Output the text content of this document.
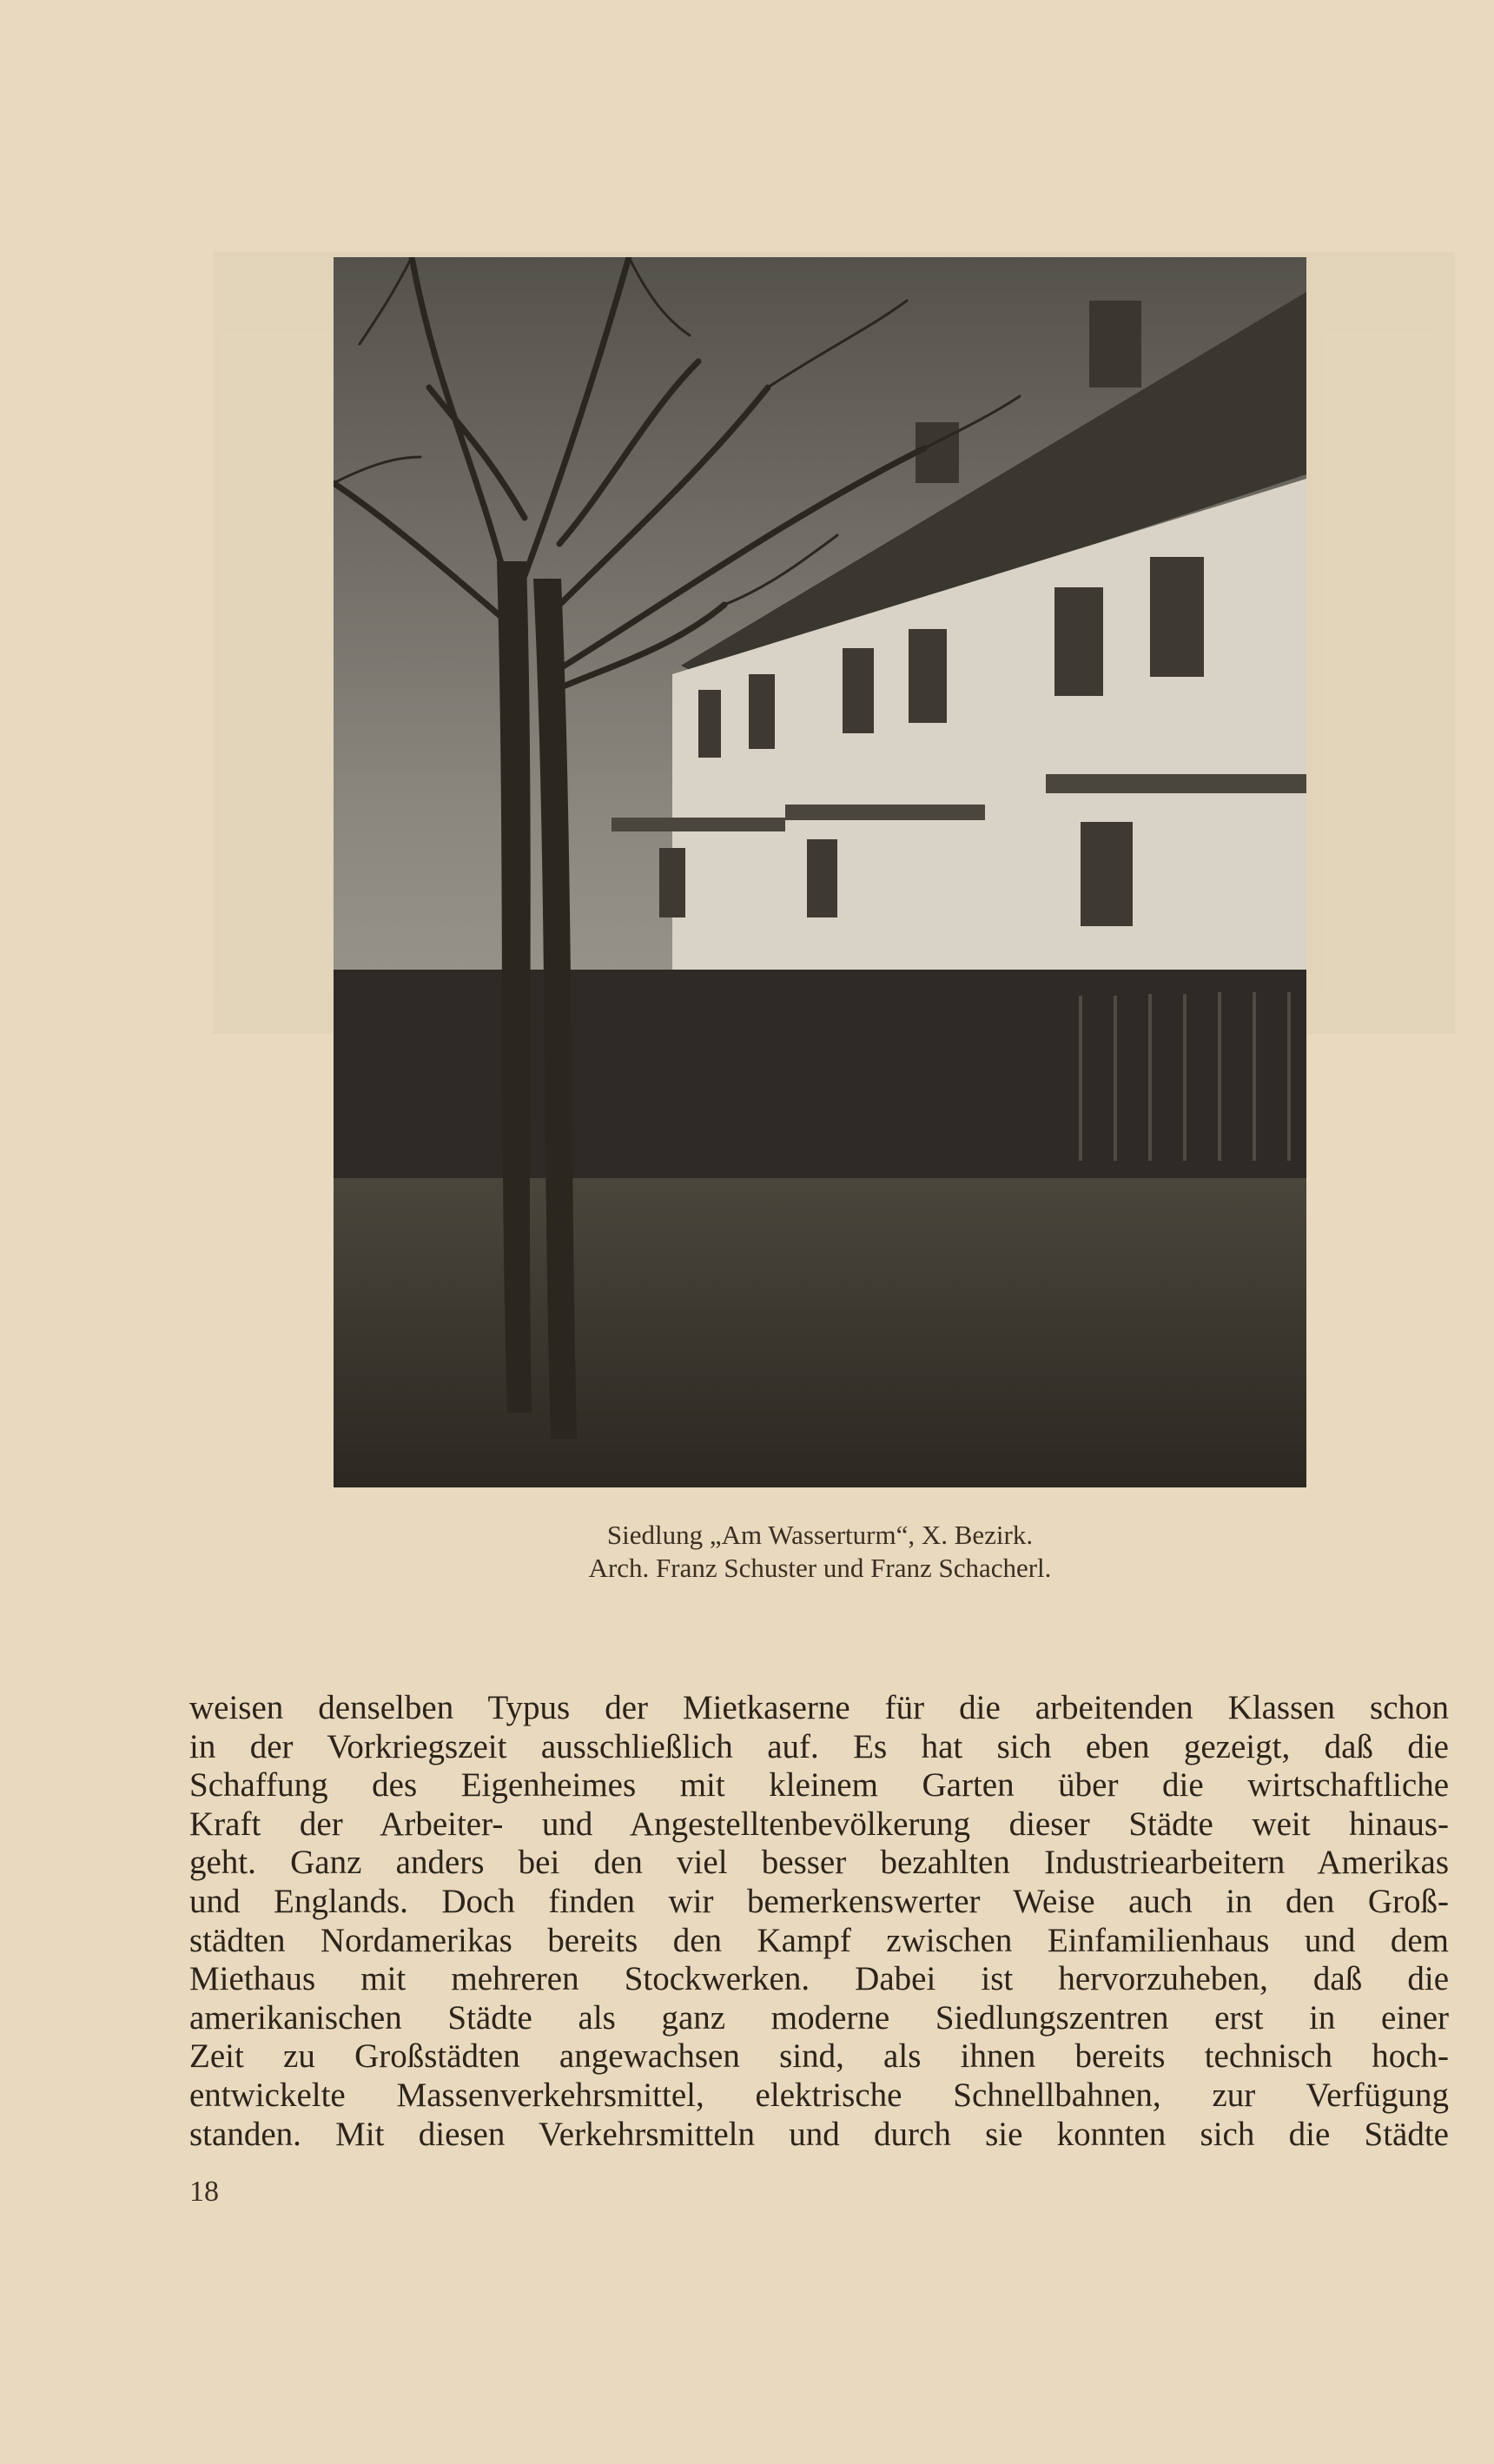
Siedlung „Am Wasserturm“, X. Bezirk.
Arch. Franz Schuster und Franz Schacherl.
weisen denselben Typus der Mietkaserne für die arbeitenden Klassen schon
in der Vorkriegszeit ausschließlich auf. Es hat sich eben gezeigt, daß die
Schaffung des Eigenheimes mit kleinem Garten über die wirtschaftliche
Kraft der Arbeiter- und Angestelltenbevölkerung dieser Städte weit hinaus-
geht. Ganz anders bei den viel besser bezahlten Industriearbeitern Amerikas
und Englands. Doch finden wir bemerkenswerter Weise auch in den Groß-
städten Nordamerikas bereits den Kampf zwischen Einfamilienhaus und dem
Miethaus mit mehreren Stockwerken. Dabei ist hervorzuheben, daß die
amerikanischen Städte als ganz moderne Siedlungszentren erst in einer
Zeit zu Großstädten angewachsen sind, als ihnen bereits technisch hoch-
entwickelte Massenverkehrsmittel, elektrische Schnellbahnen, zur Verfügung
standen. Mit diesen Verkehrsmitteln und durch sie konnten sich die Städte
18
